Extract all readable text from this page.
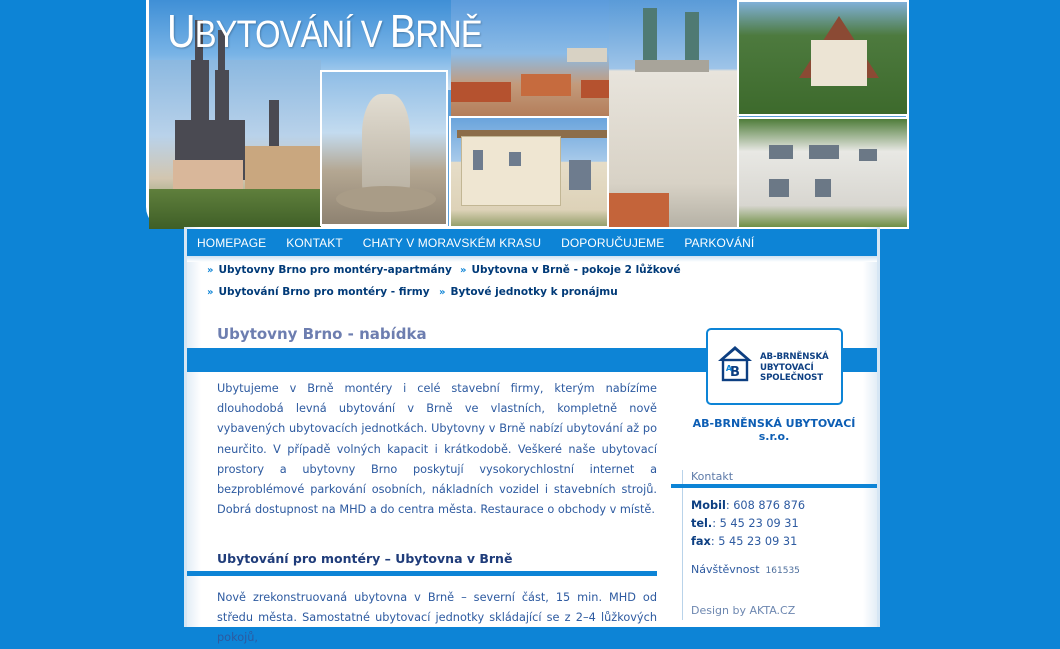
UBYTOVÁNÍ V BRNĚ
HOMEPAGE KONTAKT CHATY V MORAVSKÉM KRASU DOPORUČUJEME PARKOVÁNÍ
» Ubytovny Brno pro montéry-apartmány » Ubytovna v Brně - pokoje 2 lůžkové
» Ubytování Brno pro montéry - firmy » Bytové jednotky k pronájmu
Ubytovny Brno - nabídka
Ubytujeme v Brně montéry i celé stavební firmy, kterým nabízíme dlouhodobá levná ubytování v Brně ve vlastních, kompletně nově vybavených ubytovacích jednotkách. Ubytovny v Brně nabízí ubytování až po neurčito. V případě volných kapacit i krátkodobě. Veškeré naše ubytovací prostory a ubytovny Brno poskytují vysokorychlostní internet a bezproblémové parkování osobních, nákladních vozidel i stavebních strojů. Dobrá dostupnost na MHD a do centra města. Restaurace o obchody v místě.
Ubytování pro montéry – Ubytovna v Brně
Nově zrekonstruovaná ubytovna v Brně – severní část, 15 min. MHD od středu města. Samostatné ubytovací jednotky skládající se z 2–4 lůžkových pokojů,
B
A
AB-BRNĚNSKÁ
UBYTOVACÍ
SPOLEČNOST
AB-BRNĚNSKÁ UBYTOVACÍ
s.r.o.
Kontakt
Mobil: 608 876 876
tel.: 5 45 23 09 31
fax: 5 45 23 09 31
Návštěvnost 161535
Design by AKTA.CZ
